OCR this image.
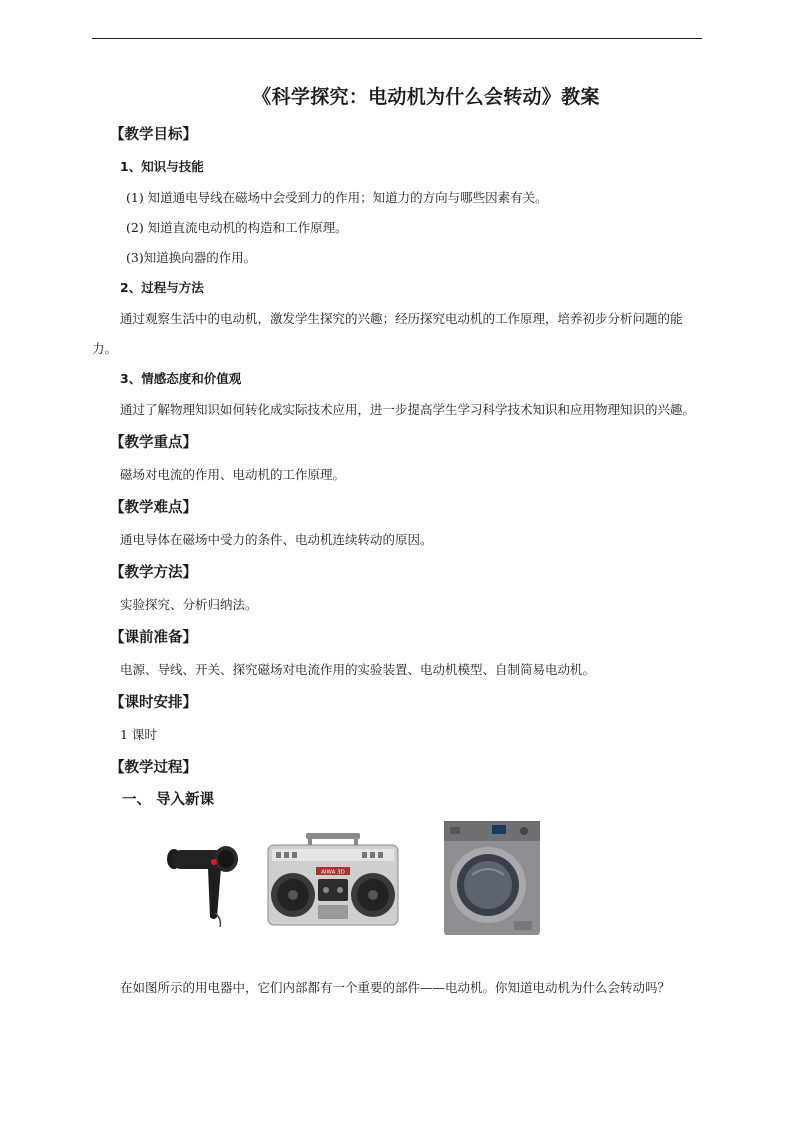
《科学探究：电动机为什么会转动》教案
【教学目标】
1、知识与技能
(1) 知道通电导线在磁场中会受到力的作用；知道力的方向与哪些因素有关。
(2) 知道直流电动机的构造和工作原理。
(3)知道换向器的作用。
2、过程与方法
通过观察生活中的电动机，激发学生探究的兴趣；经历探究电动机的工作原理，培养初步分析问题的能力。
3、情感态度和价值观
通过了解物理知识如何转化成实际技术应用，进一步提高学生学习科学技术知识和应用物理知识的兴趣。
【教学重点】
磁场对电流的作用、电动机的工作原理。
【教学难点】
通电导体在磁场中受力的条件、电动机连续转动的原因。
【教学方法】
实验探究、分析归纳法。
【课前准备】
电源、导线、开关、探究磁场对电流作用的实验装置、电动机模型、自制简易电动机。
【课时安排】
1 课时
【教学过程】
一、 导入新课
AIWA 3D
在如图所示的用电器中，它们内部都有一个重要的部件——电动机。你知道电动机为什么会转动吗？
